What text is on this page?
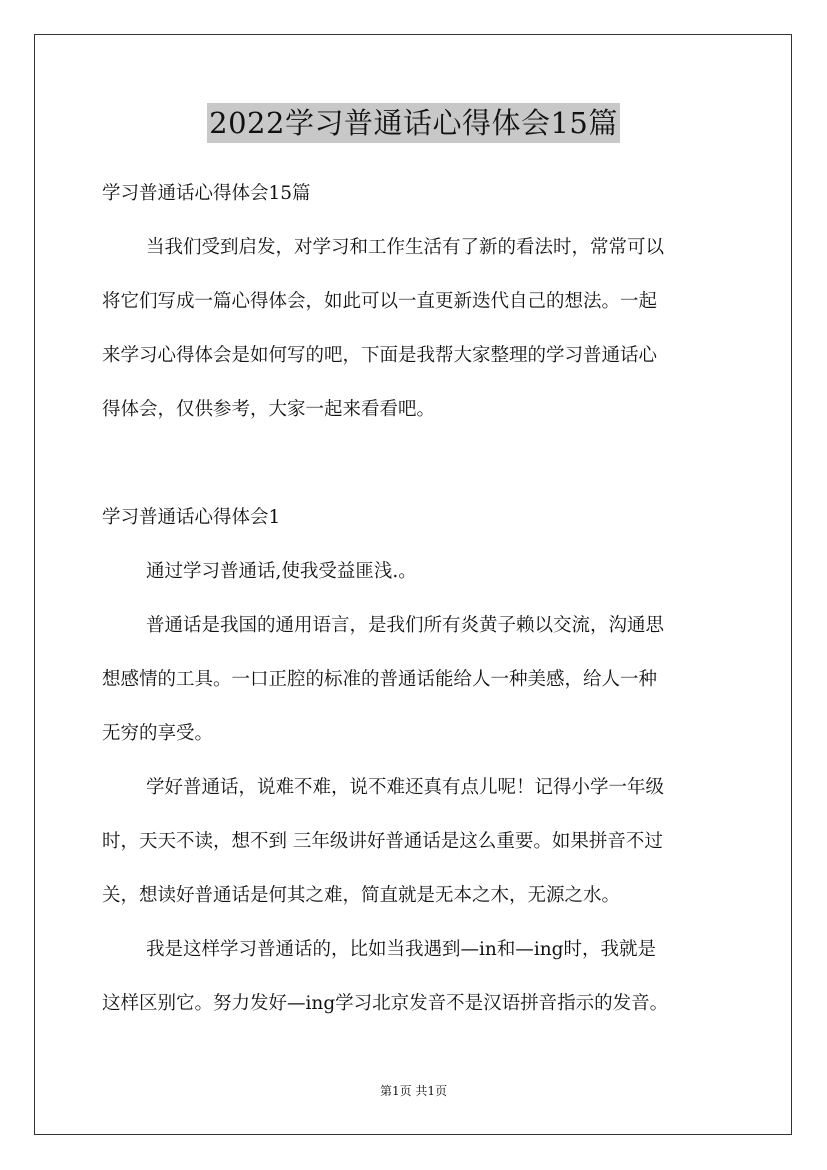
2022学习普通话心得体会15篇
学习普通话心得体会15篇
当我们受到启发，对学习和工作生活有了新的看法时，常常可以
将它们写成一篇心得体会，如此可以一直更新迭代自己的想法。一起
来学习心得体会是如何写的吧，下面是我帮大家整理的学习普通话心
得体会，仅供参考，大家一起来看看吧。
学习普通话心得体会1
通过学习普通话,使我受益匪浅.。
普通话是我国的通用语言，是我们所有炎黄子赖以交流，沟通思
想感情的工具。一口正腔的标准的普通话能给人一种美感，给人一种
无穷的享受。
学好普通话，说难不难，说不难还真有点儿呢！记得小学一年级
时，天天不读，想不到 三年级讲好普通话是这么重要。如果拼音不过
关，想读好普通话是何其之难，简直就是无本之木，无源之水。
我是这样学习普通话的，比如当我遇到—in和—ing时，我就是
这样区别它。努力发好—ing学习北京发音不是汉语拼音指示的发音。
第1页 共1页
